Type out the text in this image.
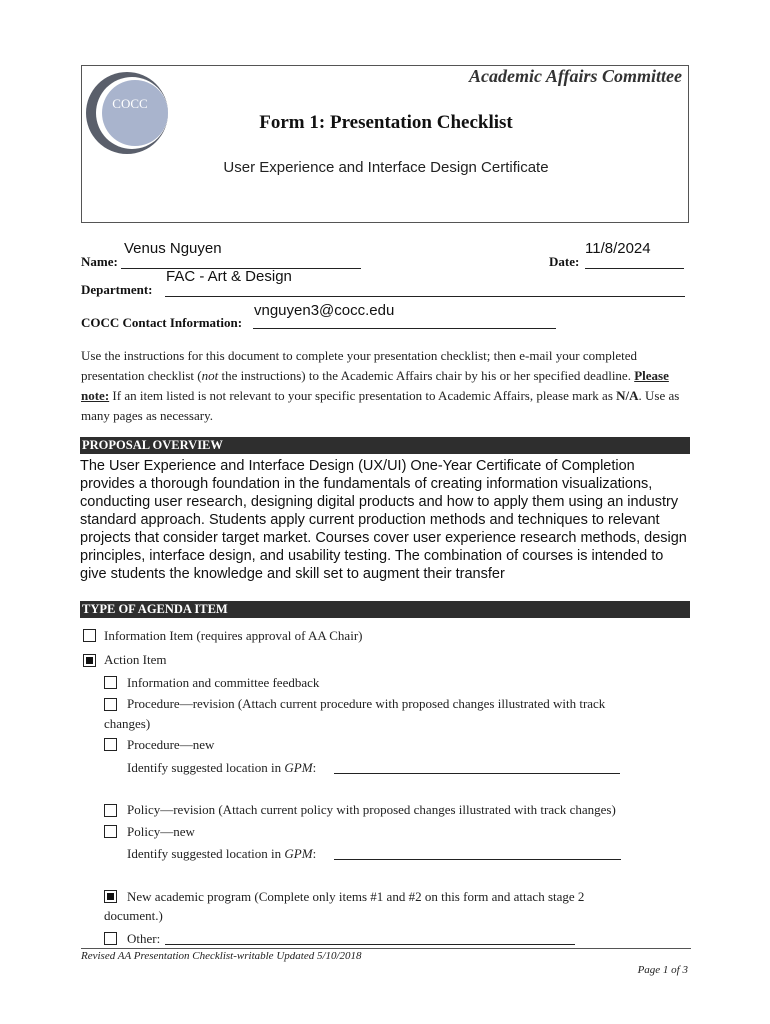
COCC
Academic Affairs Committee
Form 1: Presentation Checklist
User Experience and Interface Design Certificate
Venus Nguyen
Name:
11/8/2024
Date:
FAC - Art & Design
Department:
vnguyen3@cocc.edu
COCC Contact Information:
Use the instructions for this document to complete your presentation checklist; then e-mail your completed presentation checklist (not the instructions) to the Academic Affairs chair by his or her specified deadline. Please note: If an item listed is not relevant to your specific presentation to Academic Affairs, please mark as N/A. Use as many pages as necessary.
PROPOSAL OVERVIEW
The User Experience and Interface Design (UX/UI) One-Year Certificate of Completion provides a thorough foundation in the fundamentals of creating information visualizations, conducting user research, designing digital products and how to apply them using an industry standard approach. Students apply current production methods and techniques to relevant projects that consider target market. Courses cover user experience research methods, design principles, interface design, and usability testing. The combination of courses is intended to give students the knowledge and skill set to augment their transfer
TYPE OF AGENDA ITEM
Information Item (requires approval of AA Chair)
Action Item
Information and committee feedback
Procedure—revision (Attach current procedure with proposed changes illustrated with track
changes)
Procedure—new
Identify suggested location in GPM:
Policy—revision (Attach current policy with proposed changes illustrated with track changes)
Policy—new
Identify suggested location in GPM:
New academic program (Complete only items #1 and #2 on this form and attach stage 2
document.)
Other:
Revised AA Presentation Checklist-writable Updated 5/10/2018
Page 1 of 3
